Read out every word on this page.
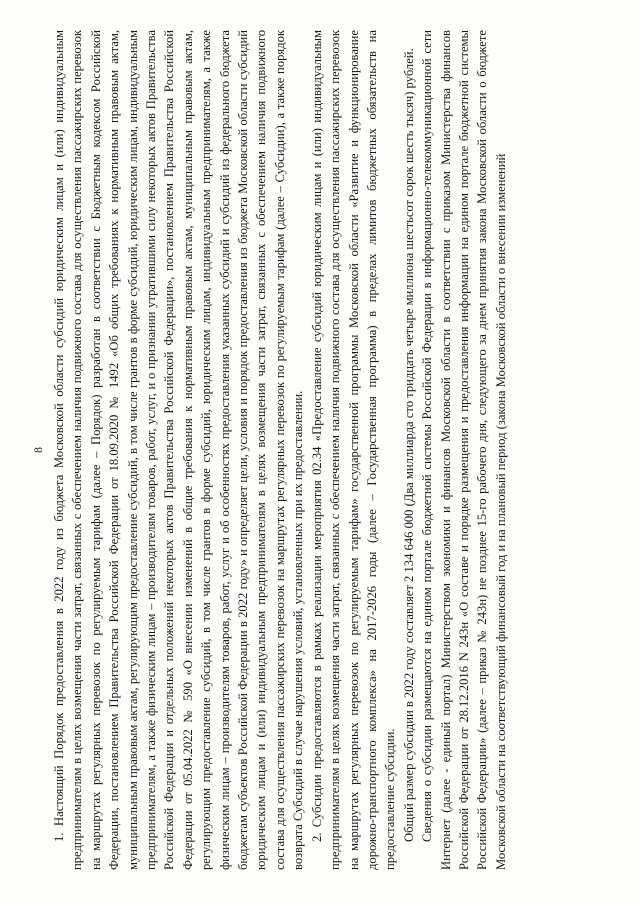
8 1. Настоящий Порядок предоставления в 2022 году из бюджета Московской области субсидий юридическим лицам и (или) индивидуальным предпринимателям в целях возмещения части затрат, связанных с обеспечением наличия подвижного состава для осуществления пассажирских перевозок на маршрутах регулярных перевозок по регулируемым тарифам (далее – Порядок) разработан в соответствии с Бюджетным кодексом Российской Федерации, постановлением Правительства Российской Федерации от 18.09.2020 № 1492 «Об общих требованиях к нормативным правовым актам, муниципальным правовым актам, регулирующим предоставление субсидий, в том числе грантов в форме субсидий, юридическим лицам, индивидуальным предпринимателям, а также физическим лицам – производителям товаров, работ, услуг, и о признании утратившими силу некоторых актов Правительства Российской Федерации и отдельных положений некоторых актов Правительства Российской Федерации», постановлением Правительства Российской Федерации от 05.04.2022 № 590 «О внесении изменений в общие требования к нормативным правовым актам, муниципальным правовым актам, регулирующим предоставление субсидий, в том числе грантов в форме субсидий, юридическим лицам, индивидуальным предпринимателям, а также физическим лицам – производителям товаров, работ, услуг и об особенностях предоставления указанных субсидий и субсидий из федерального бюджета бюджетам субъектов Российской Федерации в 2022 году» и определяет цели, условия и порядок предоставления из бюджета Московской области субсидий юридическим лицам и (или) индивидуальным предпринимателям в целях возмещения части затрат, связанных с обеспечением наличия подвижного состава для осуществления пассажирских перевозок на маршрутах регулярных перевозок по регулируемым тарифам (далее – Субсидии), а также порядок возврата Субсидий в случае нарушения условий, установленных при их предоставлении. 2. Субсидии предоставляются в рамках реализации мероприятия 02.34 «Предоставление субсидий юридическим лицам и (или) индивидуальным предпринимателям в целях возмещения части затрат, связанных с обеспечением наличия подвижного состава для осуществления пассажирских перевозок на маршрутах регулярных перевозок по регулируемым тарифам» государственной программы Московской области «Развитие и функционирование дорожно-транспортного комплекса» на 2017-2026 годы (далее – Государственная программа) в пределах лимитов бюджетных обязательств на предоставление субсидии. Общий размер субсидии в 2022 году составляет 2 134 646 000 (Два миллиарда сто тридцать четыре миллиона шестьсот сорок шесть тысяч) рублей. Сведения о субсидии размещаются на едином портале бюджетной системы Российской Федерации в информационно-телекоммуникационной сети Интернет (далее - единый портал) Министерством экономики и финансов Московской области в соответствии с приказом Министерства финансов Российской Федерации от 28.12.2016 N 243н «О составе и порядке размещения и предоставления информации на едином портале бюджетной системы Российской Федерации» (далее – приказ № 243н) не позднее 15-го рабочего дня, следующего за днем принятия закона Московской области о бюджете Московской области на соответствующий финансовый год и на плановый период (закона Московской области о внесении изменений
